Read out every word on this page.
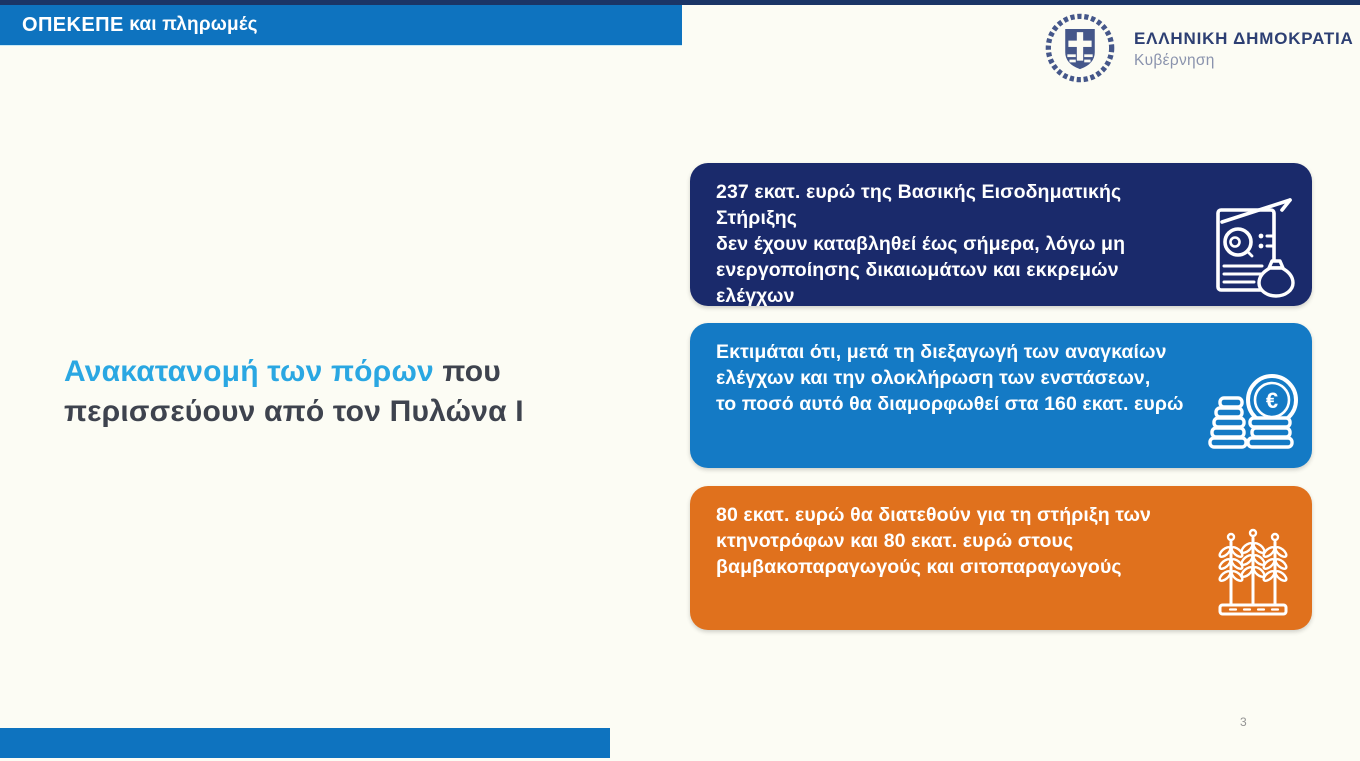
ΟΠΕΚΕΠΕ και πληρωμές
ΕΛΛΗΝΙΚΗ ΔΗΜΟΚΡΑΤΙΑ
Κυβέρνηση
Ανακατανομή των πόρων που
περισσεύουν από τον Πυλώνα I
237 εκατ. ευρώ της Βασικής Εισοδηματικής Στήριξης
δεν έχουν καταβληθεί έως σήμερα, λόγω μη
ενεργοποίησης δικαιωμάτων και εκκρεμών ελέγχων
Εκτιμάται ότι, μετά τη διεξαγωγή των αναγκαίων
ελέγχων και την ολοκλήρωση των ενστάσεων,
το ποσό αυτό θα διαμορφωθεί στα 160 εκατ. ευρώ	€
80 εκατ. ευρώ θα διατεθούν για τη στήριξη των
κτηνοτρόφων και 80 εκατ. ευρώ στους
βαμβακοπαραγωγούς και σιτοπαραγωγούς
3
